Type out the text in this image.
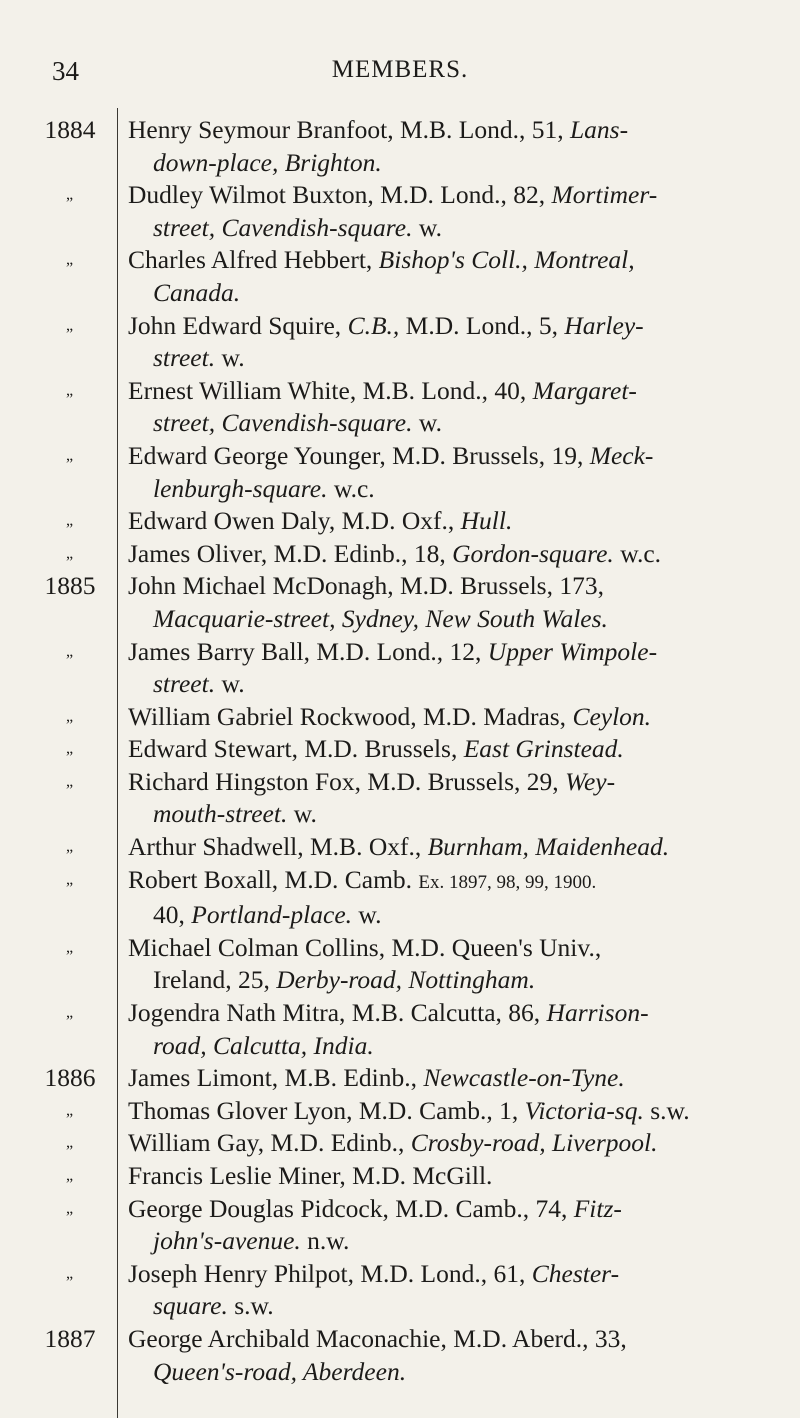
34	MEMBERS.
1884	Henry Seymour Branfoot, M.B. Lond., 51, Lans-
down-place, Brighton.
„	Dudley Wilmot Buxton, M.D. Lond., 82, Mortimer-
street, Cavendish-square. w.
„	Charles Alfred Hebbert, Bishop's Coll., Montreal,
Canada.
„	John Edward Squire, C.B., M.D. Lond., 5, Harley-
street. w.
„	Ernest William White, M.B. Lond., 40, Margaret-
street, Cavendish-square. w.
„	Edward George Younger, M.D. Brussels, 19, Meck-
lenburgh-square. w.c.
„	Edward Owen Daly, M.D. Oxf., Hull.
„	James Oliver, M.D. Edinb., 18, Gordon-square. w.c.
1885	John Michael McDonagh, M.D. Brussels, 173,
Macquarie-street, Sydney, New South Wales.
„	James Barry Ball, M.D. Lond., 12, Upper Wimpole-
street. w.
„	William Gabriel Rockwood, M.D. Madras, Ceylon.
„	Edward Stewart, M.D. Brussels, East Grinstead.
„	Richard Hingston Fox, M.D. Brussels, 29, Wey-
mouth-street. w.
„	Arthur Shadwell, M.B. Oxf., Burnham, Maidenhead.
„	Robert Boxall, M.D. Camb. Ex. 1897, 98, 99, 1900.
40, Portland-place. w.
„	Michael Colman Collins, M.D. Queen's Univ.,
Ireland, 25, Derby-road, Nottingham.
„	Jogendra Nath Mitra, M.B. Calcutta, 86, Harrison-
road, Calcutta, India.
1886	James Limont, M.B. Edinb., Newcastle-on-Tyne.
„	Thomas Glover Lyon, M.D. Camb., 1, Victoria-sq. s.w.
„	William Gay, M.D. Edinb., Crosby-road, Liverpool.
„	Francis Leslie Miner, M.D. McGill.
„	George Douglas Pidcock, M.D. Camb., 74, Fitz-
john's-avenue. n.w.
„	Joseph Henry Philpot, M.D. Lond., 61, Chester-
square. s.w.
1887	George Archibald Maconachie, M.D. Aberd., 33,
Queen's-road, Aberdeen.
